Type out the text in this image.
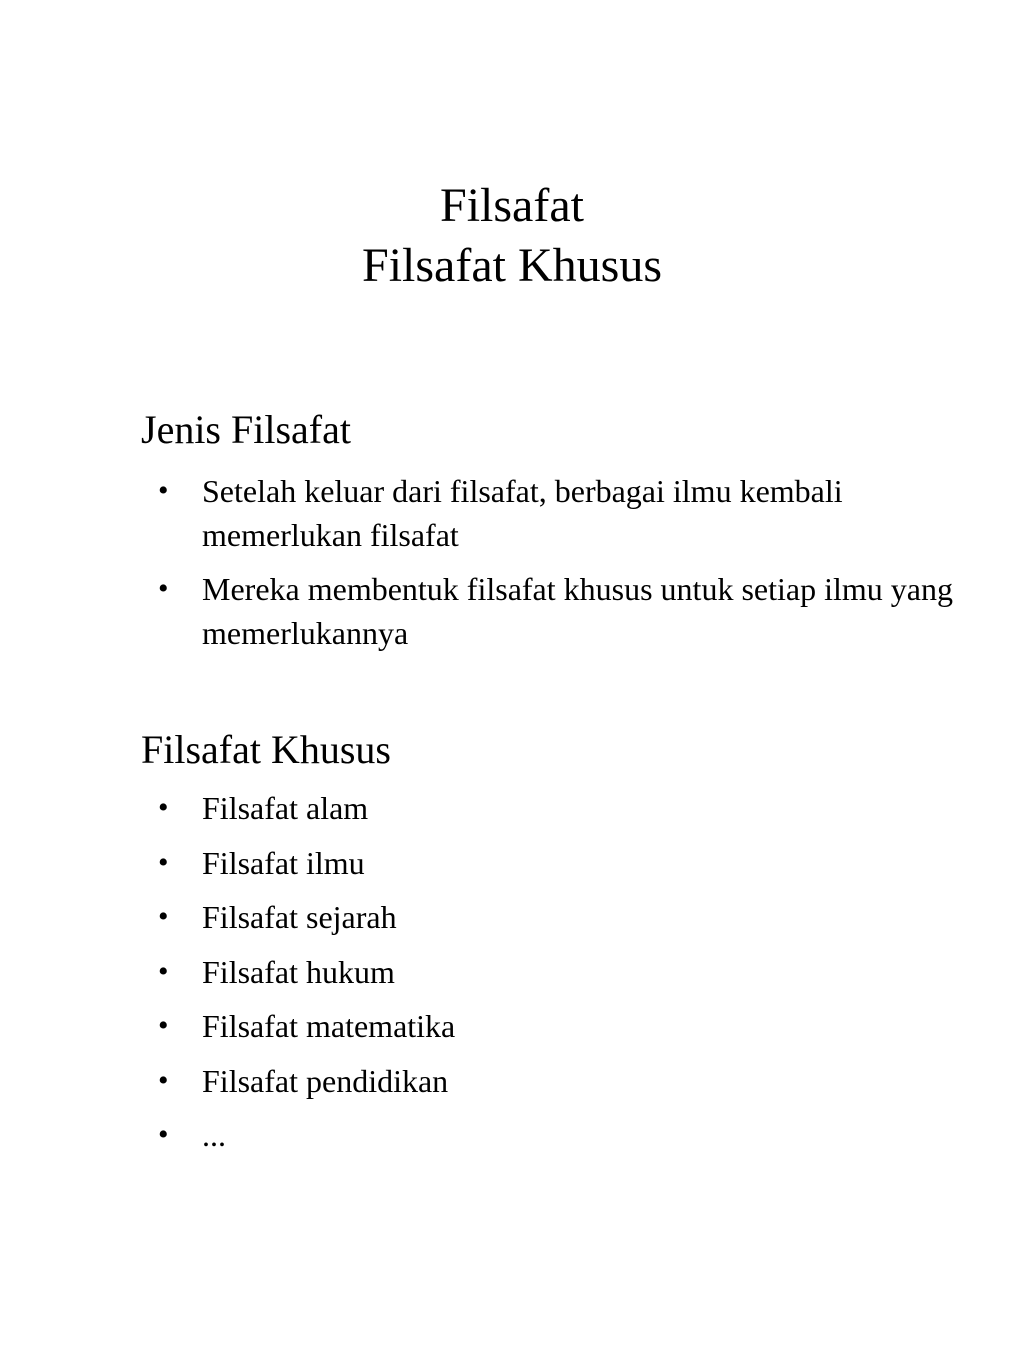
Filsafat

Filsafat Khusus

Jenis Filsafat

• Setelah keluar dari filsafat, berbagai ilmu kembali memerlukan filsafat
• Mereka membentuk filsafat khusus untuk setiap ilmu yang memerlukannya

Filsafat Khusus

• Filsafat alam
• Filsafat ilmu
• Filsafat sejarah
• Filsafat hukum
• Filsafat matematika
• Filsafat pendidikan
• ...
